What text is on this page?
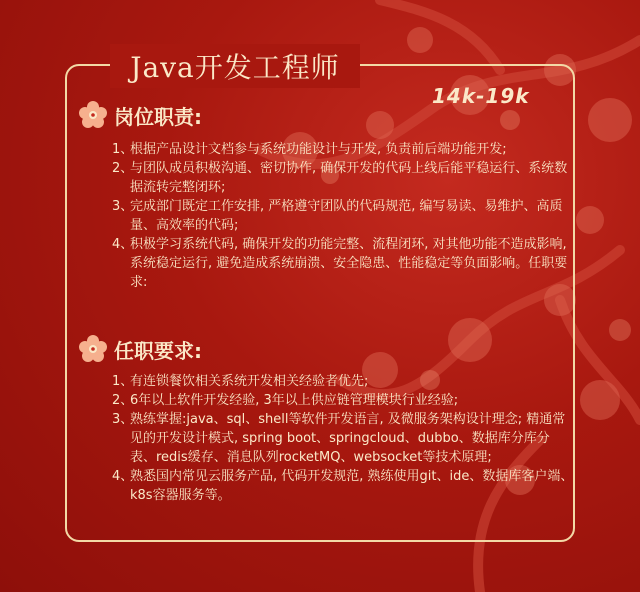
Java开发工程师
14k-19k
岗位职责:
1、
根据产品设计文档参与系统功能设计与开发, 负责前后端功能开发;
2、
与团队成员积极沟通、密切协作, 确保开发的代码上线后能平稳运行、系统数据流转完整闭环;
3、
完成部门既定工作安排, 严格遵守团队的代码规范, 编写易读、易维护、高质量、高效率的代码;
4、
积极学习系统代码, 确保开发的功能完整、流程闭环, 对其他功能不造成影响, 系统稳定运行, 避免造成系统崩溃、安全隐患、性能稳定等负面影响。任职要求:
任职要求:
1、
有连锁餐饮相关系统开发相关经验者优先;
2、
6年以上软件开发经验, 3年以上供应链管理模块行业经验;
3、
熟练掌握:java、sql、shell等软件开发语言, 及微服务架构设计理念; 精通常见的开发设计模式, spring boot、springcloud、dubbo、数据库分库分表、redis缓存、消息队列rocketMQ、websocket等技术原理;
4、
熟悉国内常见云服务产品, 代码开发规范, 熟练使用git、ide、数据库客户端、k8s容器服务等。
